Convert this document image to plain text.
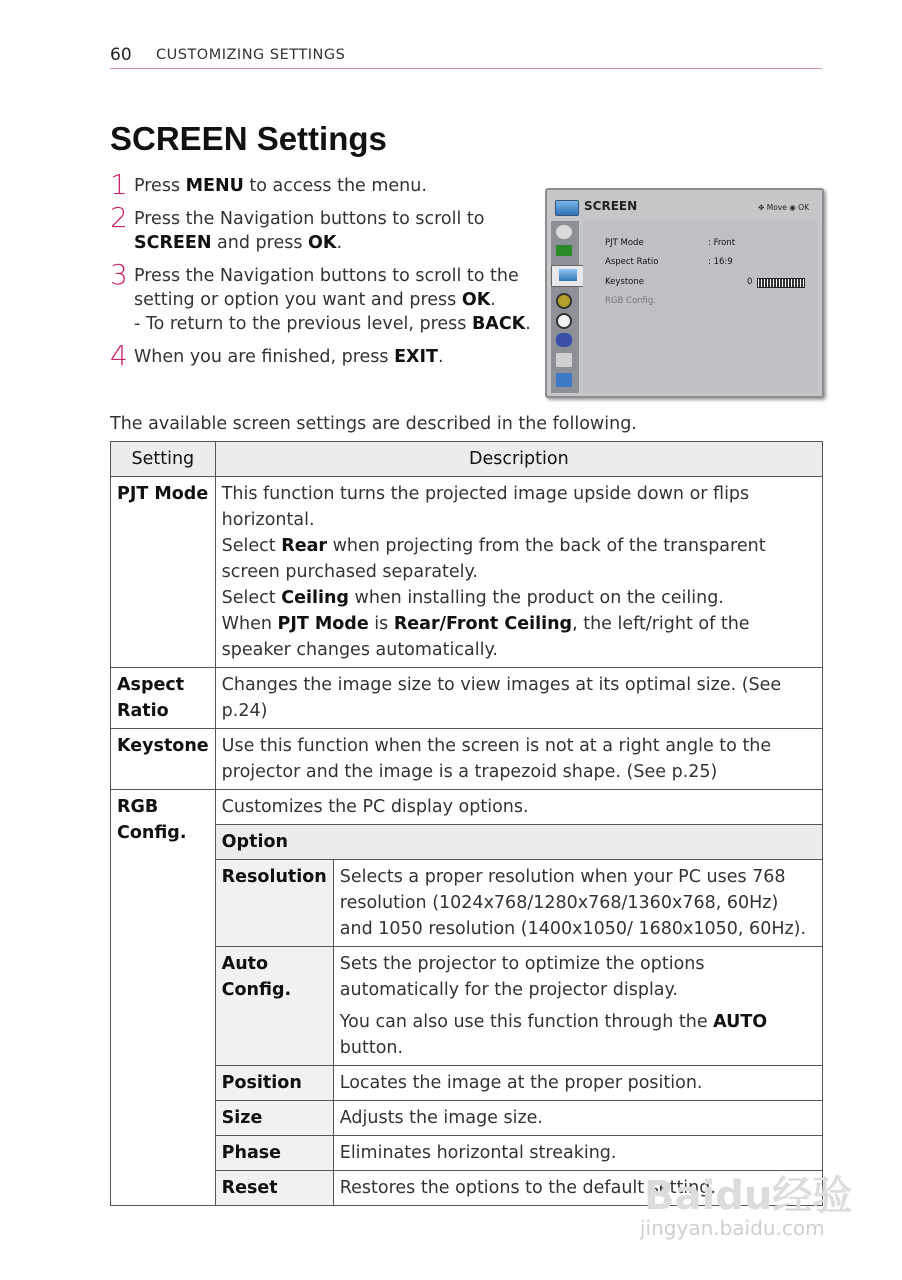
60 CUSTOMIZING SETTINGS
SCREEN Settings
1 Press MENU to access the menu.
2 Press the Navigation buttons to scroll to SCREEN and press OK.
3 Press the Navigation buttons to scroll to the setting or option you want and press OK.
- To return to the previous level, press BACK.
4 When you are finished, press EXIT.
SCREEN	✥ Move ◉ OK
PJT Mode	: Front
Aspect Ratio	: 16:9
Keystone	0
RGB Config.
The available screen settings are described in the following.
Setting	Description	
PJT Mode	This function turns the projected image upside down or flips horizontal.
Select Rear when projecting from the back of the transparent screen purchased separately.
Select Ceiling when installing the product on the ceiling.
When PJT Mode is Rear/Front Ceiling, the left/right of the speaker changes automatically.	
Aspect Ratio	Changes the image size to view images at its optimal size. (See p.24)	
Keystone	Use this function when the screen is not at a right angle to the projector and the image is a trapezoid shape. (See p.25)	
RGB Config.	Customizes the PC display options.	
	Option	
	Resolution	Selects a proper resolution when your PC uses 768 resolution (1024x768/1280x768/1360x768, 60Hz) and 1050 resolution (1400x1050/ 1680x1050, 60Hz).
	Auto Config.	Sets the projector to optimize the options automatically for the projector display.
You can also use this function through the AUTO button.

	Position	Locates the image at the proper position.
	Size	Adjusts the image size.
	Phase	Eliminates horizontal streaking.
	Reset	Restores the options to the default setting.
Baidu经验
jingyan.baidu.com
